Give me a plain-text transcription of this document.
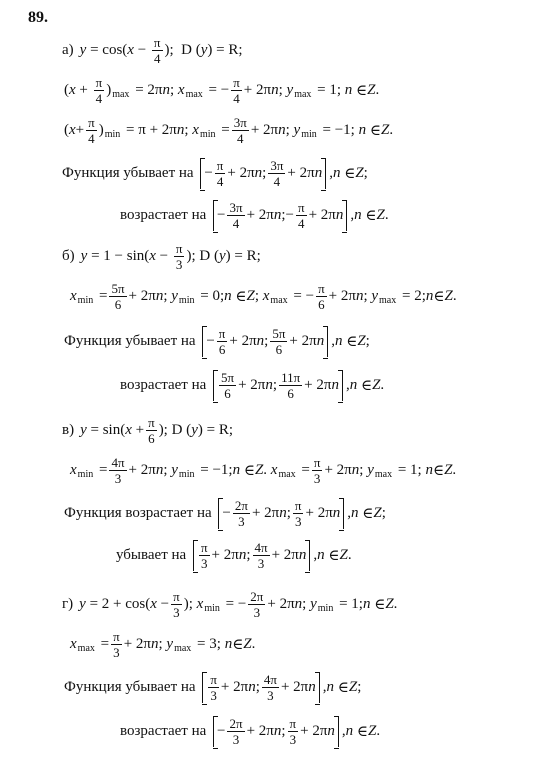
89.
а) y = cos( $x - \frac{\pi}{4}$ );  D ( y ) = R;
( $x + \frac{\pi}{4}$ ) max = 2π n ; x max = − $\frac{\pi}{4} + 2\pi$ n ; y max = 1; n ∈ Z .
( $x + \frac{\pi}{4}$ ) min = π + 2π n ; x $\min = \frac{3\pi}{4} + 2\pi$ n ; y min = −1; n ∈ Z .
Функция убывает на
− $\frac{\pi}{4} + 2\pi$ n ; $\frac{3\pi}{4} + 2\pi$ n , n ∈ Z ;
возрастает на
− $\frac{3\pi}{4} + 2\pi$ n ;− $\frac{\pi}{4} + 2\pi$ n , n ∈ Z .
б) y = 1 − sin( $x - \frac{\pi}{3}$ ); D ( y ) = R;
x $\min = \frac{5\pi}{6} + 2\pi$ n ; y min = 0; n ∈ Z ; x max = − $\frac{\pi}{6} + 2\pi$ n ; y max = 2; n ∈ Z .
Функция убывает на
− $\frac{\pi}{6} + 2\pi$ n ; $\frac{5\pi}{6} + 2\pi$ n , n ∈ Z ;
возрастает на
$\frac{5\pi}{6} + 2\pi$ n ; $\frac{11\pi}{6} + 2\pi$ n , n ∈ Z .
в) y = sin( $x + \frac{\pi}{6}$ ); D ( y ) = R;
x $\min = \frac{4\pi}{3} + 2\pi$ n ; y min = −1; n ∈ Z . x $\max = \frac{\pi}{3} + 2\pi$ n ; y max = 1; n ∈ Z .
Функция возрастает на
− $\frac{2\pi}{3} + 2\pi$ n ; $\frac{\pi}{3} + 2\pi$ n , n ∈ Z ;
убывает на
$\frac{\pi}{3} + 2\pi$ n ; $\frac{4\pi}{3} + 2\pi$ n , n ∈ Z .
г) y = 2 + cos( $x - \frac{\pi}{3}$ ); x min = − $\frac{2\pi}{3} + 2\pi$ n ; y min = 1; n ∈ Z .
x $\max = \frac{\pi}{3} + 2\pi$ n ; y max = 3; n ∈ Z .
Функция убывает на
$\frac{\pi}{3} + 2\pi$ n ; $\frac{4\pi}{3} + 2\pi$ n , n ∈ Z ;
возрастает на
− $\frac{2\pi}{3} + 2\pi$ n ; $\frac{\pi}{3} + 2\pi$ n , n ∈ Z .
